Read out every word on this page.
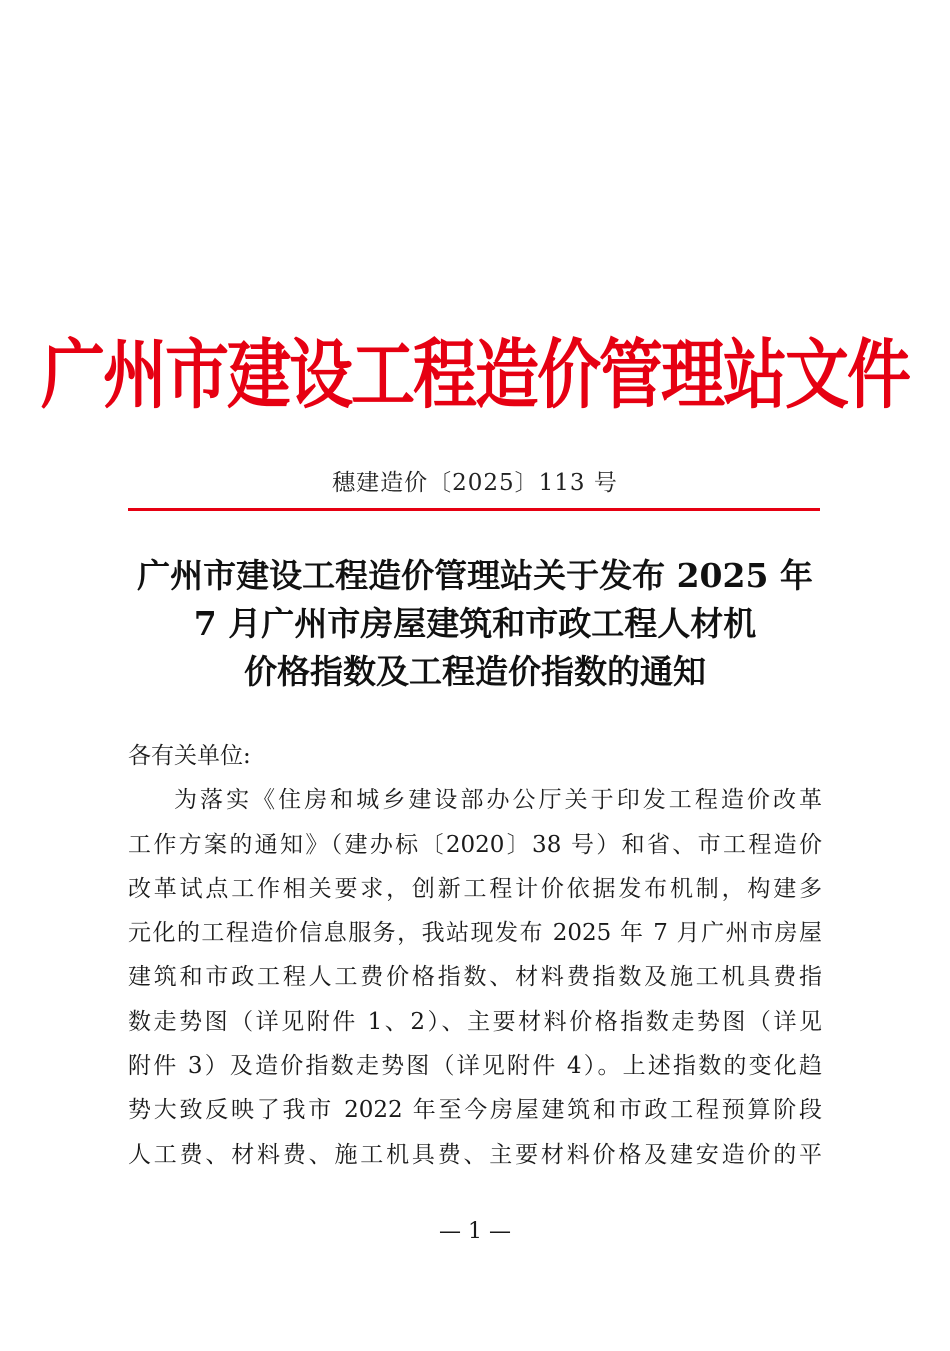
广州市建设工程造价管理站文件
穗建造价〔2025〕113 号
广州市建设工程造价管理站关于发布 2025 年
7 月广州市房屋建筑和市政工程人材机
价格指数及工程造价指数的通知

各有关单位:

为落实《住房和城乡建设部办公厅关于印发工程造价改革

工作方案的通知》（建办标〔2020〕38 号）和省、市工程造价

改革试点工作相关要求，创新工程计价依据发布机制，构建多

元化的工程造价信息服务，我站现发布 2025 年 7 月广州市房屋

建筑和市政工程人工费价格指数、材料费指数及施工机具费指

数走势图（详见附件 1、2）、主要材料价格指数走势图（详见

附件 3）及造价指数走势图（详见附件 4）。上述指数的变化趋

势大致反映了我市 2022 年至今房屋建筑和市政工程预算阶段

人工费、材料费、施工机具费、主要材料价格及建安造价的平

— 1 —
